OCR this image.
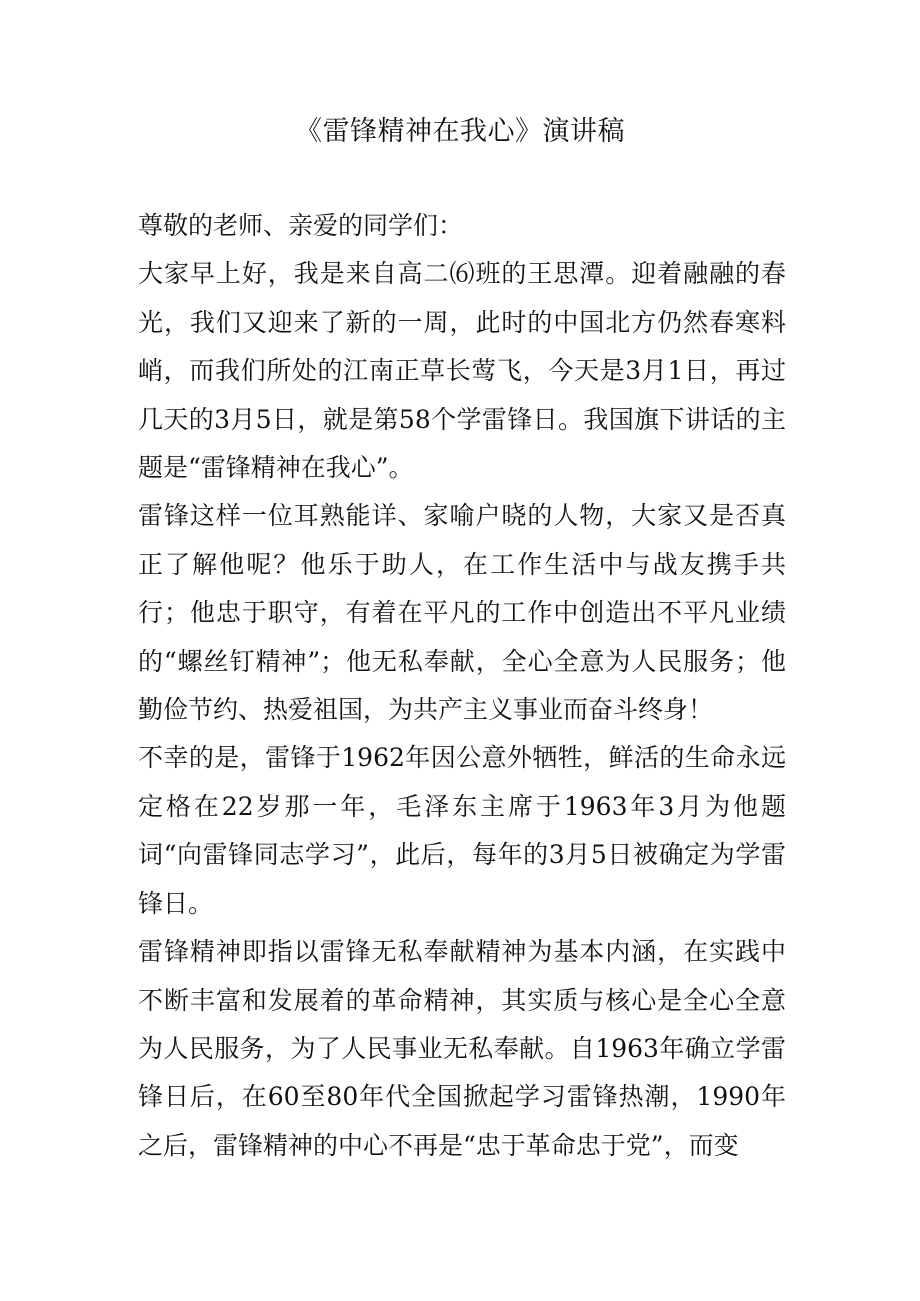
《雷锋精神在我心》演讲稿

尊敬的老师、亲爱的同学们：

大家早上好，我是来自高二⑹班的王思潭。迎着融融的春光，我们又迎来了新的一周，此时的中国北方仍然春寒料峭，而我们所处的江南正草长莺飞，今天是3月1日，再过几天的3月5日，就是第58个学雷锋日。我国旗下讲话的主题是“雷锋精神在我心”。

雷锋这样一位耳熟能详、家喻户晓的人物，大家又是否真正了解他呢？他乐于助人，在工作生活中与战友携手共行；他忠于职守，有着在平凡的工作中创造出不平凡业绩的“螺丝钉精神”；他无私奉献，全心全意为人民服务；他勤俭节约、热爱祖国，为共产主义事业而奋斗终身！

不幸的是，雷锋于1962年因公意外牺牲，鲜活的生命永远定格在22岁那一年，毛泽东主席于1963年3月为他题词“向雷锋同志学习”，此后，每年的3月5日被确定为学雷锋日。

雷锋精神即指以雷锋无私奉献精神为基本内涵，在实践中不断丰富和发展着的革命精神，其实质与核心是全心全意为人民服务，为了人民事业无私奉献。自1963年确立学雷锋日后，在60至80年代全国掀起学习雷锋热潮，1990年之后，雷锋精神的中心不再是“忠于革命忠于党”，而变
